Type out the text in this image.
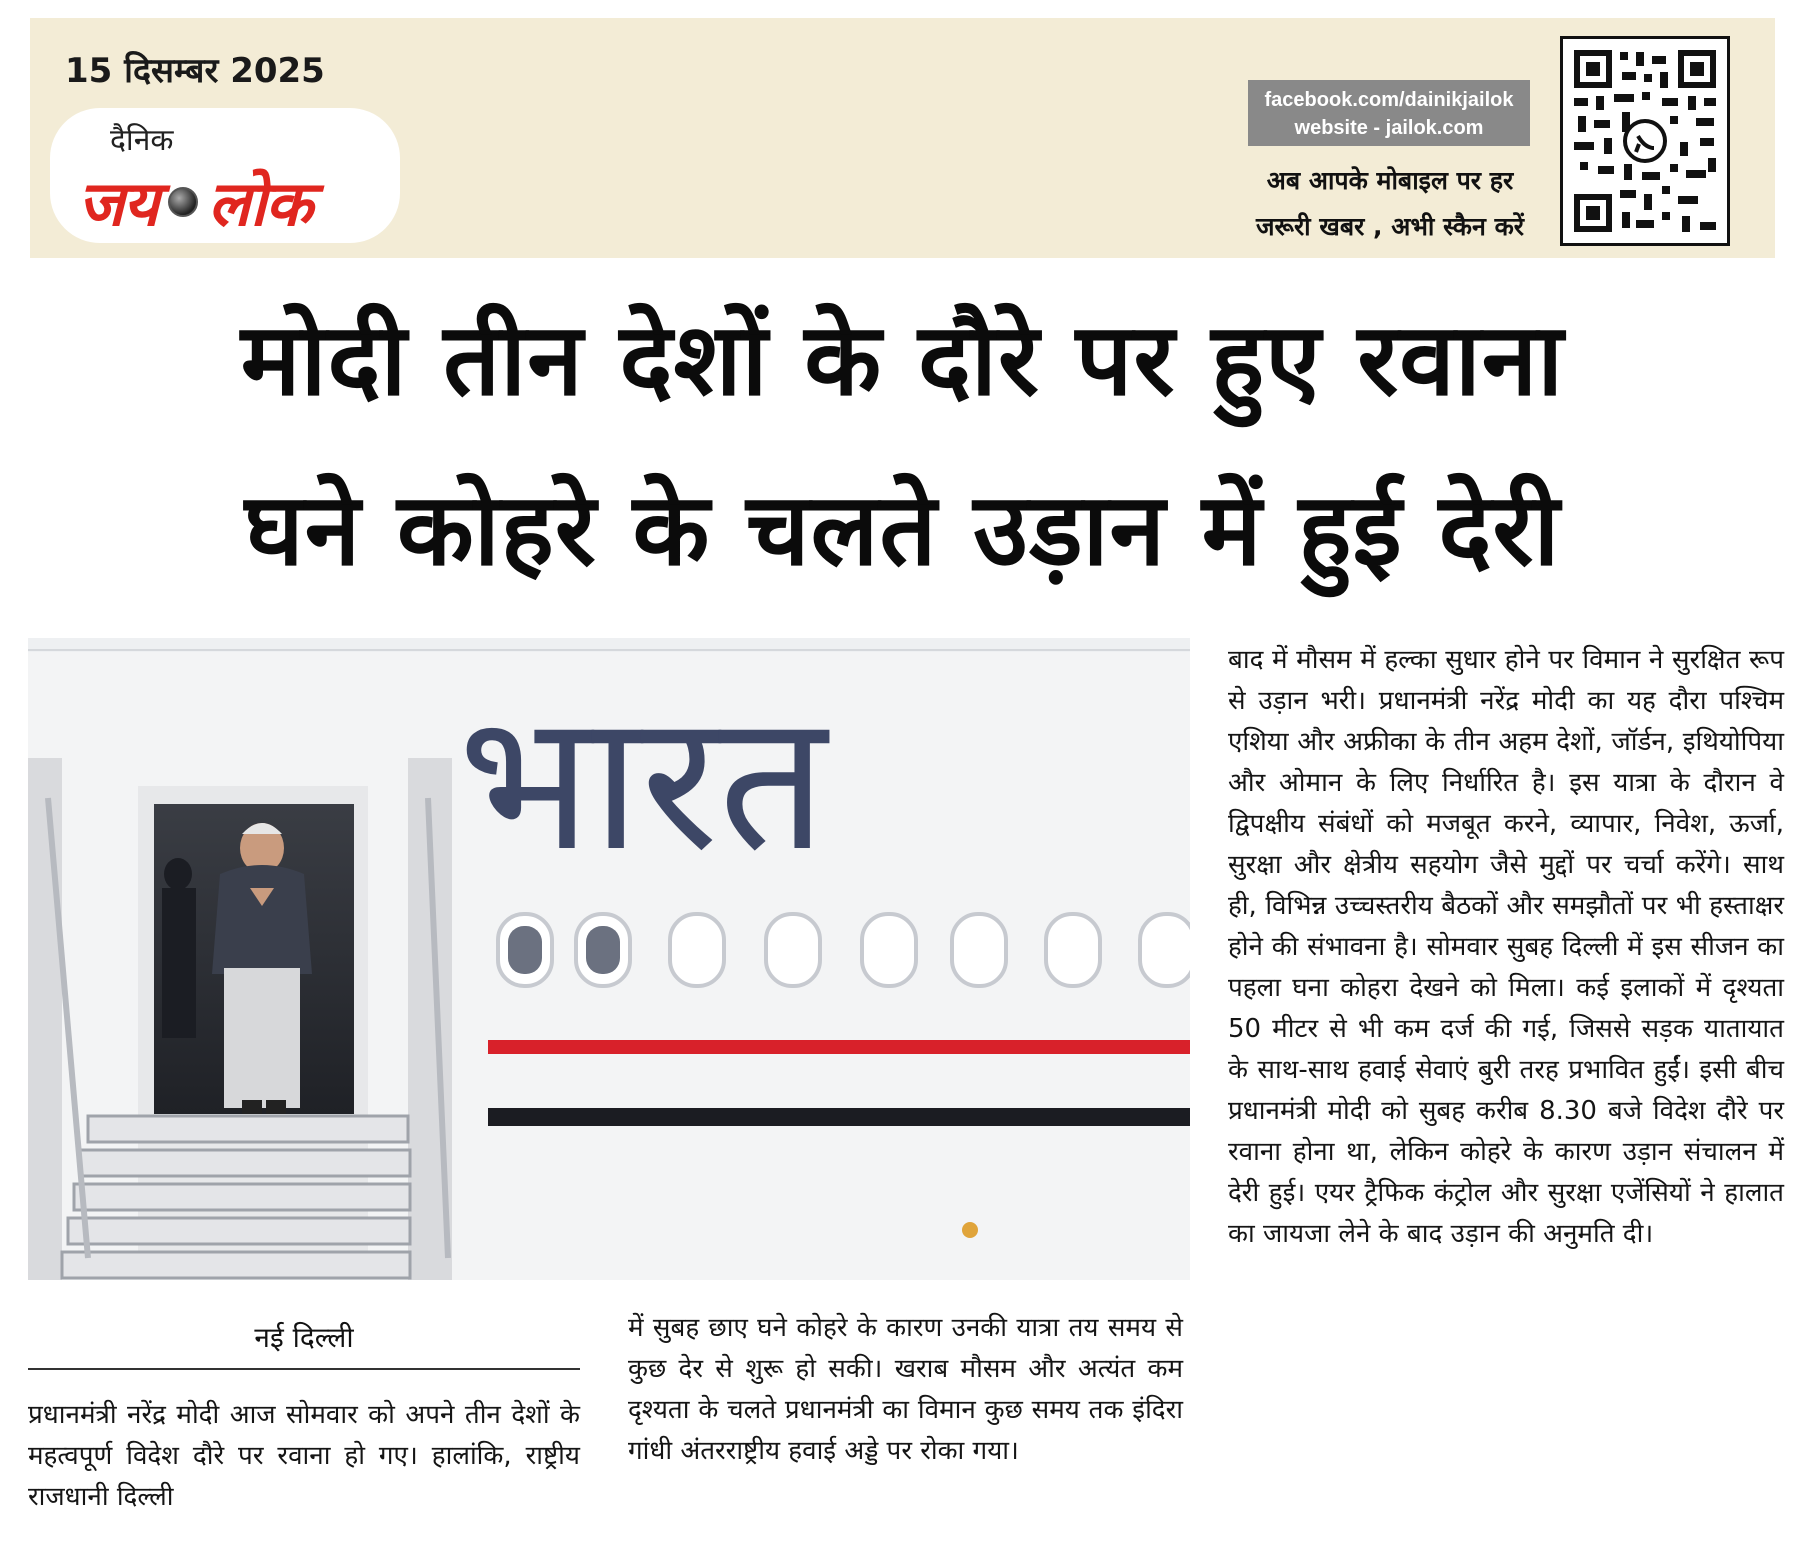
15 दिसम्बर 2025
दैनिक
जय लोक
facebook.com/dainikjailok
website - jailok.com
अब आपके मोबाइल पर हर
जरूरी खबर , अभी स्कैन करें
मोदी तीन देशों के दौरे पर हुए रवाना
घने कोहरे के चलते उड़ान में हुई देरी
भारत
नई दिल्ली

प्रधानमंत्री नरेंद्र मोदी आज सोमवार को अपने तीन देशों के महत्वपूर्ण विदेश दौरे पर रवाना हो गए। हालांकि, राष्ट्रीय राजधानी दिल्ली

में सुबह छाए घने कोहरे के कारण उनकी यात्रा तय समय से कुछ देर से शुरू हो सकी। खराब मौसम और अत्यंत कम दृश्यता के चलते प्रधानमंत्री का विमान कुछ समय तक इंदिरा गांधी अंतरराष्ट्रीय हवाई अड्डे पर रोका गया।

बाद में मौसम में हल्का सुधार होने पर विमान ने सुरक्षित रूप से उड़ान भरी। प्रधानमंत्री नरेंद्र मोदी का यह दौरा पश्चिम एशिया और अफ्रीका के तीन अहम देशों, जॉर्डन, इथियोपिया और ओमान के लिए निर्धारित है। इस यात्रा के दौरान वे द्विपक्षीय संबंधों को मजबूत करने, व्यापार, निवेश, ऊर्जा, सुरक्षा और क्षेत्रीय सहयोग जैसे मुद्दों पर चर्चा करेंगे। साथ ही, विभिन्न उच्चस्तरीय बैठकों और समझौतों पर भी हस्ताक्षर होने की संभावना है। सोमवार सुबह दिल्ली में इस सीजन का पहला घना कोहरा देखने को मिला। कई इलाकों में दृश्यता 50 मीटर से भी कम दर्ज की गई, जिससे सड़क यातायात के साथ-साथ हवाई सेवाएं बुरी तरह प्रभावित हुईं। इसी बीच प्रधानमंत्री मोदी को सुबह करीब 8.30 बजे विदेश दौरे पर रवाना होना था, लेकिन कोहरे के कारण उड़ान संचालन में देरी हुई। एयर ट्रैफिक कंट्रोल और सुरक्षा एजेंसियों ने हालात का जायजा लेने के बाद उड़ान की अनुमति दी।
